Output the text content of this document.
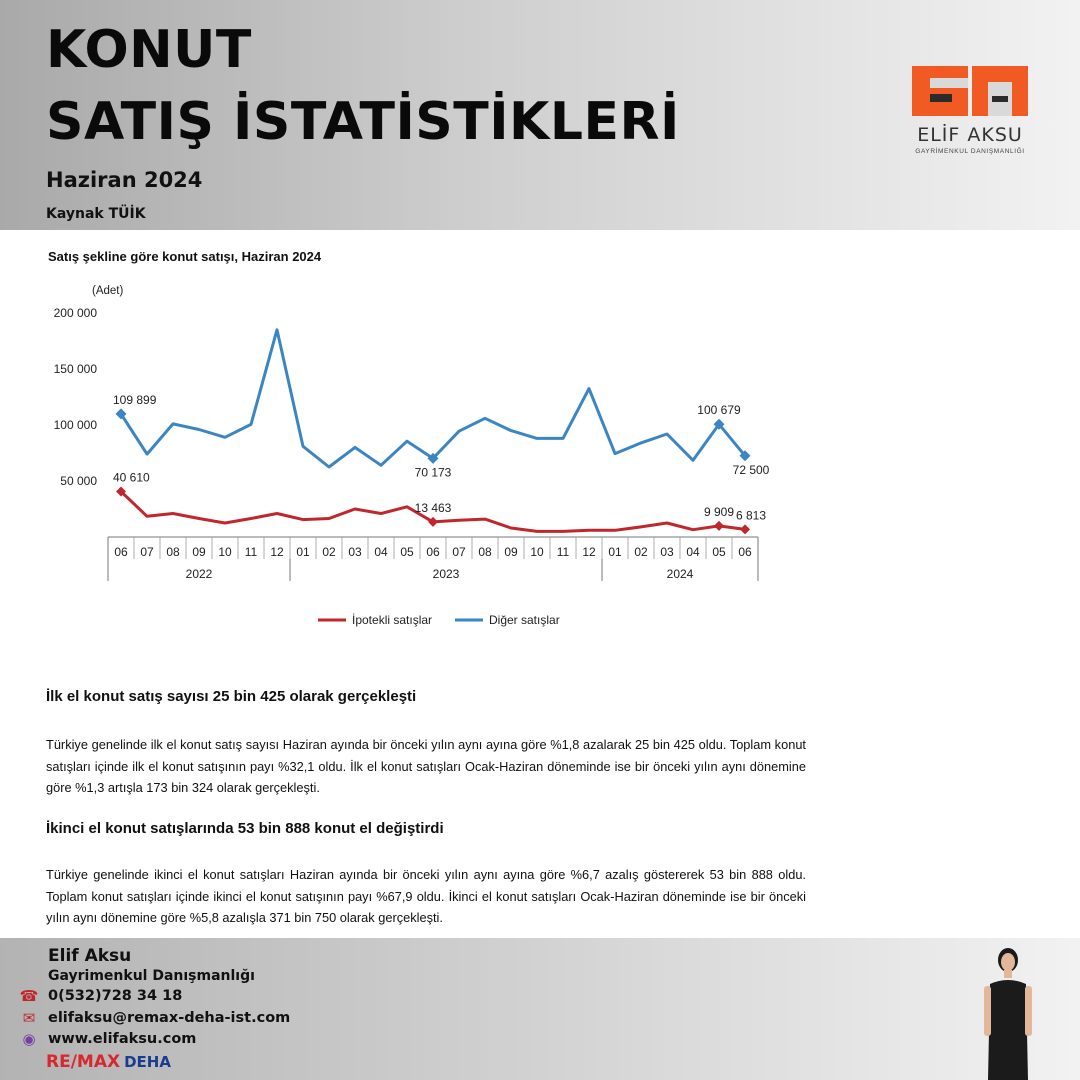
KONUT
SATIŞ İSTATİSTİKLERİ
Haziran 2024
Kaynak TÜİK
ELİF AKSU
GAYRİMENKUL DANIŞMANLIĞI
Satış şekline göre konut satışı, Haziran 2024
(Adet)
50 000
100 000
150 000
200 000
06 07 08 09 10 11 12 01 02 03 04 05 06 07 08 09 10 11 12 01 02 03 04 05 06
2022	2023	2024
40 610
13 463	9 909 6 813
109 899
70 173
100 679
72 500
İpotekli satışlar	Diğer satışlar
İlk el konut satış sayısı 25 bin 425 olarak gerçekleşti
Türkiye genelinde ilk el konut satış sayısı Haziran ayında bir önceki yılın aynı ayına göre %1,8 azalarak 25 bin 425 oldu. Toplam konut satışları içinde ilk el konut satışının payı %32,1 oldu. İlk el konut satışları Ocak-Haziran döneminde ise bir önceki yılın aynı dönemine göre %1,3 artışla 173 bin 324 olarak gerçekleşti.
İkinci el konut satışlarında 53 bin 888 konut el değiştirdi
Türkiye genelinde ikinci el konut satışları Haziran ayında bir önceki yılın aynı ayına göre %6,7 azalış göstererek 53 bin 888 oldu. Toplam konut satışları içinde ikinci el konut satışının payı %67,9 oldu. İkinci el konut satışları Ocak-Haziran döneminde ise bir önceki yılın aynı dönemine göre %5,8 azalışla 371 bin 750 olarak gerçekleşti.
Elif Aksu
Gayrimenkul Danışmanlığı
☎ 0(532)728 34 18
✉ elifaksu@remax-deha-ist.com
◉ www.elifaksu.com
RE/MAX DEHA
